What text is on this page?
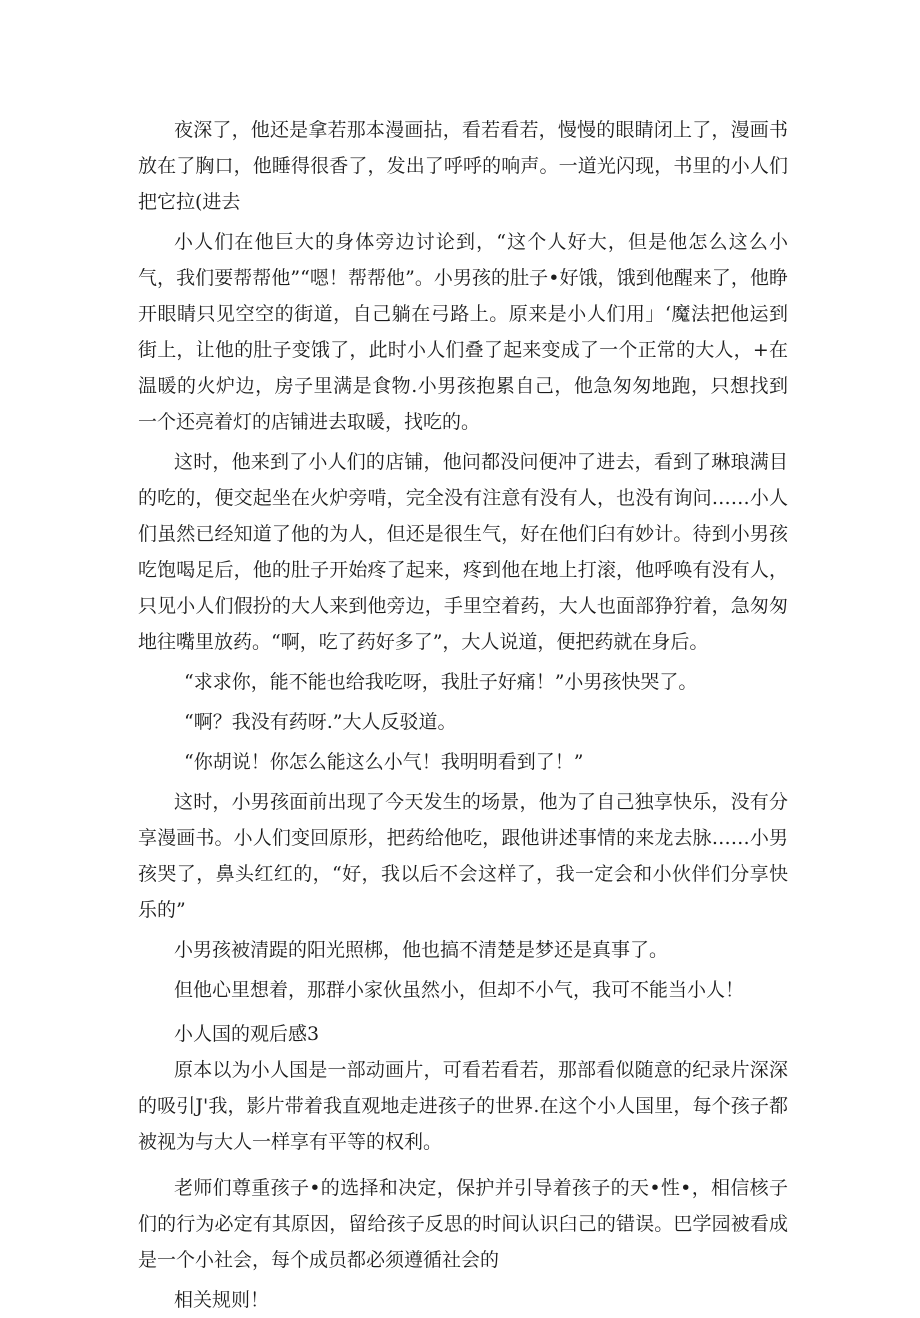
夜深了，他还是拿若那本漫画拈，看若看若，慢慢的眼睛闭上了，漫画书放在了胸口，他睡得很香了，发出了呼呼的响声。一道光闪现，书里的小人们把它拉(进去

小人们在他巨大的身体旁边讨论到，“这个人好大，但是他怎么这么小气，我们要帮帮他”“嗯！帮帮他”。小男孩的肚子•好饿，饿到他醒来了，他睁开眼睛只见空空的街道，自己躺在弓路上。原来是小人们用」‘魔法把他运到街上，让他的肚子变饿了，此时小人们叠了起来变成了一个正常的大人，+在温暖的火炉边，房子里满是食物.小男孩抱累自己，他急匆匆地跑，只想找到一个还亮着灯的店铺进去取暖，找吃的。

这时，他来到了小人们的店铺，他问都没问便冲了进去，看到了琳琅满目的吃的，便交起坐在火炉旁啃，完全没有注意有没有人，也没有询问……小人们虽然已经知道了他的为人，但还是很生气，好在他们臼有妙计。待到小男孩吃饱喝足后，他的肚子开始疼了起来，疼到他在地上打滚，他呼唤有没有人，只见小人们假扮的大人来到他旁边，手里空着药，大人也面部狰狞着，急匆匆地往嘴里放药。“啊，吃了药好多了”，大人说道，便把药就在身后。

“求求你，能不能也给我吃呀，我肚子好痛！”小男孩快哭了。

“啊？我没有药呀.”大人反驳道。

“你胡说！你怎么能这么小气！我明明看到了！”

这时，小男孩面前出现了今天发生的场景，他为了自己独享快乐，没有分享漫画书。小人们变回原形，把药给他吃，跟他讲述事情的来龙去脉……小男孩哭了，鼻头红红的，“好，我以后不会这样了，我一定会和小伙伴们分享快乐的”

小男孩被清踶的阳光照梆，他也搞不清楚是梦还是真事了。

但他心里想着，那群小家伙虽然小，但却不小气，我可不能当小人！

小人国的观后感3

原本以为小人国是一部动画片，可看若看若，那部看似随意的纪录片深深的吸引J'我，影片带着我直观地走进孩子的世界.在这个小人国里，每个孩子都被视为与大人一样享有平等的权利。

老师们尊重孩子•的选择和决定，保护并引导着孩子的天•性•，相信核子们的行为必定有其原因，留给孩子反思的时间认识臼己的错误。巴学园被看成是一个小社会，每个成员都必须遵循社会的

相关规则！
